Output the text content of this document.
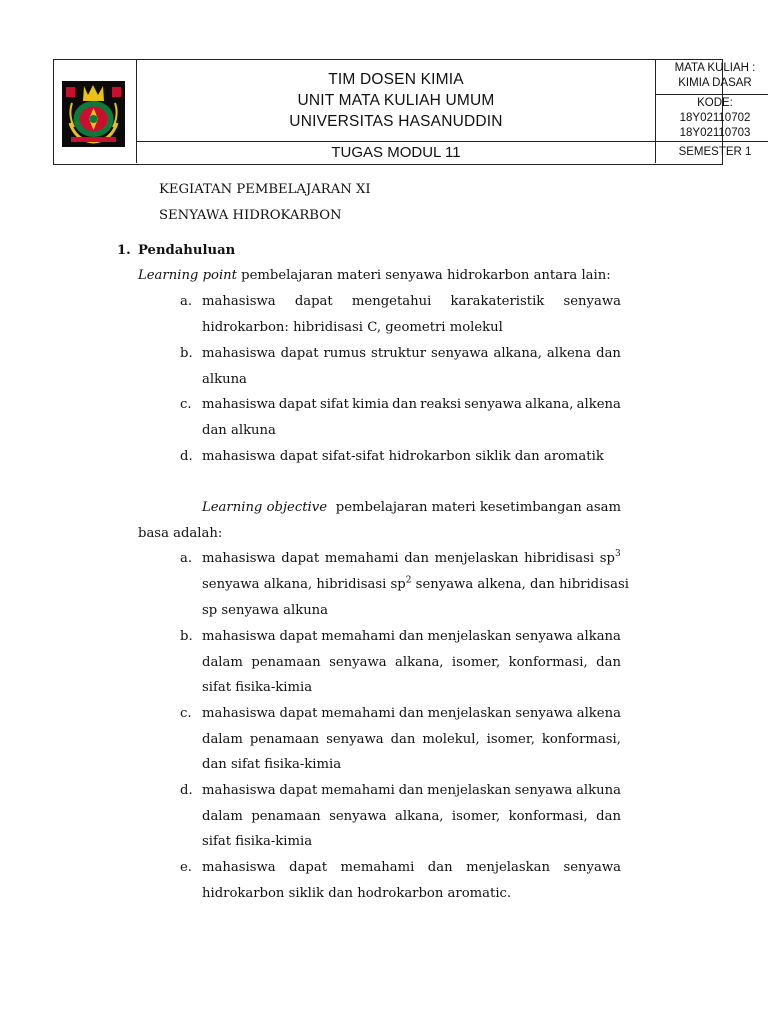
TIM DOSEN KIMIA
UNIT MATA KULIAH UMUM
UNIVERSITAS HASANUDDIN
TUGAS MODUL 11
MATA KULIAH :
KIMIA DASAR
KODE:
18Y02110702
18Y02110703
SEMESTER 1
KEGIATAN PEMBELAJARAN XI
SENYAWA HIDROKARBON
1. Pendahuluan
Learning point pembelajaran materi senyawa hidrokarbon antara lain:
a. mahasiswa dapat mengetahui karakateristik senyawa
hidrokarbon: hibridisasi C, geometri molekul
b. mahasiswa dapat rumus struktur senyawa alkana, alkena dan
alkuna
c. mahasiswa dapat sifat kimia dan reaksi senyawa alkana, alkena
dan alkuna
d. mahasiswa dapat sifat-sifat hidrokarbon siklik dan aromatik
Learning objective pembelajaran materi kesetimbangan asam
basa adalah:
a. mahasiswa dapat memahami dan menjelaskan hibridisasi sp 3
senyawa alkana, hibridisasi $sp^2$ senyawa alkena, dan hibridisasi
sp senyawa alkuna
b. mahasiswa dapat memahami dan menjelaskan senyawa alkana
dalam penamaan senyawa alkana, isomer, konformasi, dan
sifat fisika-kimia
c. mahasiswa dapat memahami dan menjelaskan senyawa alkena
dalam penamaan senyawa dan molekul, isomer, konformasi,
dan sifat fisika-kimia
d. mahasiswa dapat memahami dan menjelaskan senyawa alkuna
dalam penamaan senyawa alkana, isomer, konformasi, dan
sifat fisika-kimia
e. mahasiswa dapat memahami dan menjelaskan senyawa
hidrokarbon siklik dan hodrokarbon aromatic.
